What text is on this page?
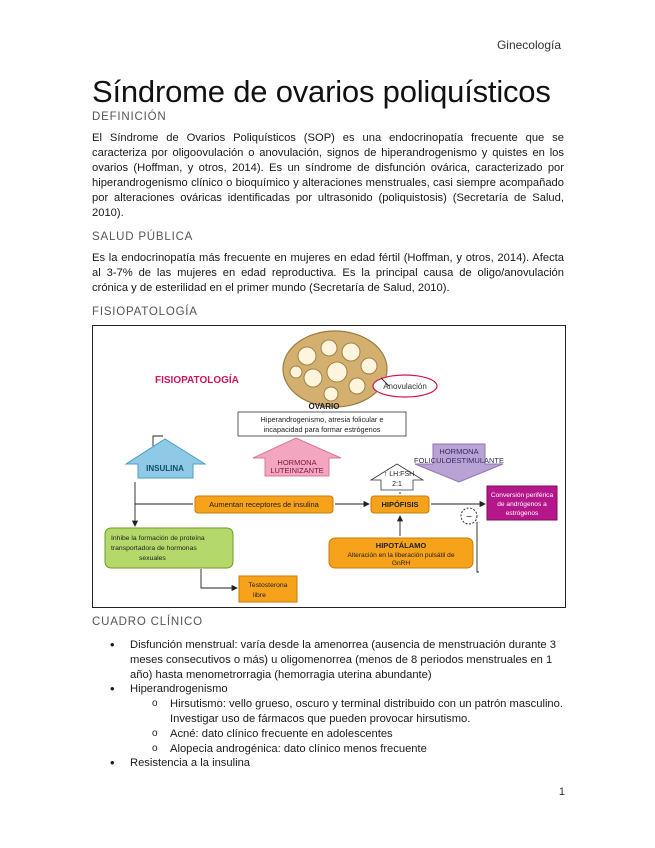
Ginecología
Síndrome de ovarios poliquísticos
DEFINICIÓN

El Síndrome de Ovarios Poliquísticos (SOP) es una endocrinopatía frecuente que se caracteriza por oligoovulación o anovulación, signos de hiperandrogenismo y quistes en los ovarios (Hoffman, y otros, 2014). Es un síndrome de disfunción ovárica, caracterizado por hiperandrogenismo clínico o bioquímico y alteraciones menstruales, casi siempre acompañado por alteraciones ováricas identificadas por ultrasonido (poliquistosis) (Secretaría de Salud, 2010).

SALUD PÚBLICA

Es la endocrinopatía más frecuente en mujeres en edad fértil (Hoffman, y otros, 2014). Afecta al 3-7% de las mujeres en edad reproductiva. Es la principal causa de oligo/anovulación crónica y de esterilidad en el primer mundo (Secretaría de Salud, 2010).

FISIOPATOLOGÍA
FISIOPATOLOGÍA
Anovulación
OVARIO
Hiperandrogenismo, atresia folicular e
incapacidad para formar estrógenos
INSULINA
HORMONA
LUTEINIZANTE
HORMONA
FOLICULOESTIMULANTE
↑ LH:FSH
2:1
Aumentan receptores de insulina	HIPÓFISIS
Conversión periférica
de andrógenos a
estrógenos
−
Inhibe la formación de proteína
transportadora de hormonas
sexuales
HIPOTÁLAMO
Alteración en la liberación pulsátil de
GnRH
Testosterona
libre
CUADRO CLÍNICO
• Disfunción menstrual: varía desde la amenorrea (ausencia de menstruación durante 3 meses consecutivos o más) u oligomenorrea (menos de 8 periodos menstruales en 1 año) hasta menometrorragia (hemorragia uterina abundante)
• Hiperandrogenismo
o Hirsutismo: vello grueso, oscuro y terminal distribuido con un patrón masculino. Investigar uso de fármacos que pueden provocar hirsutismo.
o Acné: dato clínico frecuente en adolescentes
o Alopecia androgénica: dato clínico menos frecuente
• Resistencia a la insulina
1
